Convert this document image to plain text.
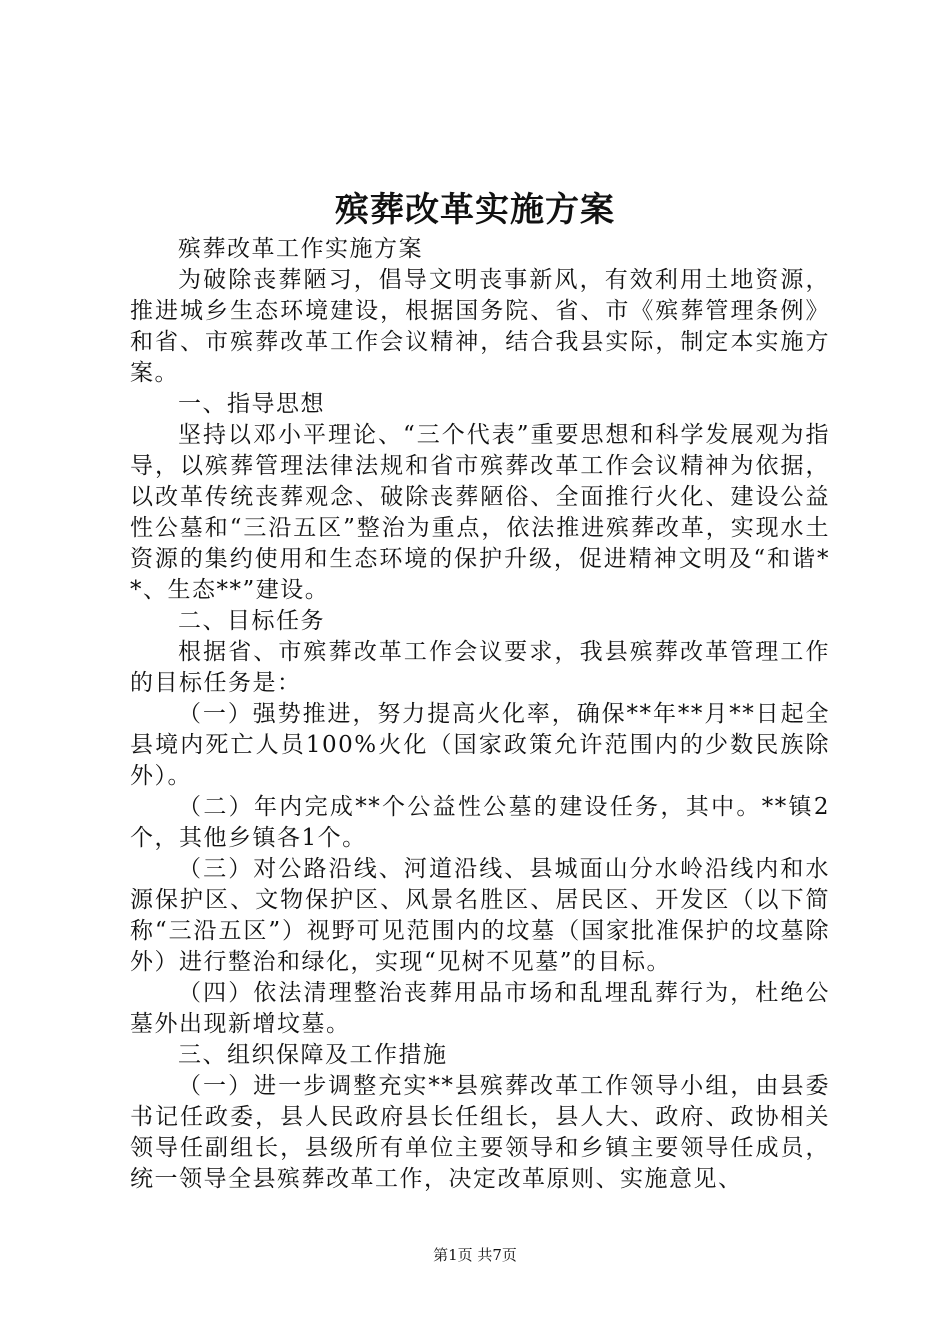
殡葬改革实施方案

殡葬改革工作实施方案

为破除丧葬陋习，倡导文明丧事新风，有效利用土地资源，推进城乡生态环境建设，根据国务院、省、市《殡葬管理条例》和省、市殡葬改革工作会议精神，结合我县实际，制定本实施方案。

一、指导思想

坚持以邓小平理论、“三个代表”重要思想和科学发展观为指导，以殡葬管理法律法规和省市殡葬改革工作会议精神为依据，以改革传统丧葬观念、破除丧葬陋俗、全面推行火化、建设公益性公墓和“三沿五区”整治为重点，依法推进殡葬改革，实现水土资源的集约使用和生态环境的保护升级，促进精神文明及“和谐**、生态**”建设。

二、目标任务

根据省、市殡葬改革工作会议要求，我县殡葬改革管理工作的目标任务是：

（一）强势推进，努力提高火化率，确保**年**月**日起全县境内死亡人员100%火化（国家政策允许范围内的少数民族除外）。

（二）年内完成**个公益性公墓的建设任务，其中。**镇2个，其他乡镇各1个。

（三）对公路沿线、河道沿线、县城面山分水岭沿线内和水源保护区、文物保护区、风景名胜区、居民区、开发区（以下简称“三沿五区”）视野可见范围内的坟墓（国家批准保护的坟墓除外）进行整治和绿化，实现“见树不见墓”的目标。

（四）依法清理整治丧葬用品市场和乱埋乱葬行为，杜绝公墓外出现新增坟墓。

三、组织保障及工作措施

（一）进一步调整充实**县殡葬改革工作领导小组，由县委书记任政委，县人民政府县长任组长，县人大、政府、政协相关领导任副组长，县级所有单位主要领导和乡镇主要领导任成员，统一领导全县殡葬改革工作，决定改革原则、实施意见、

第1页 共7页
